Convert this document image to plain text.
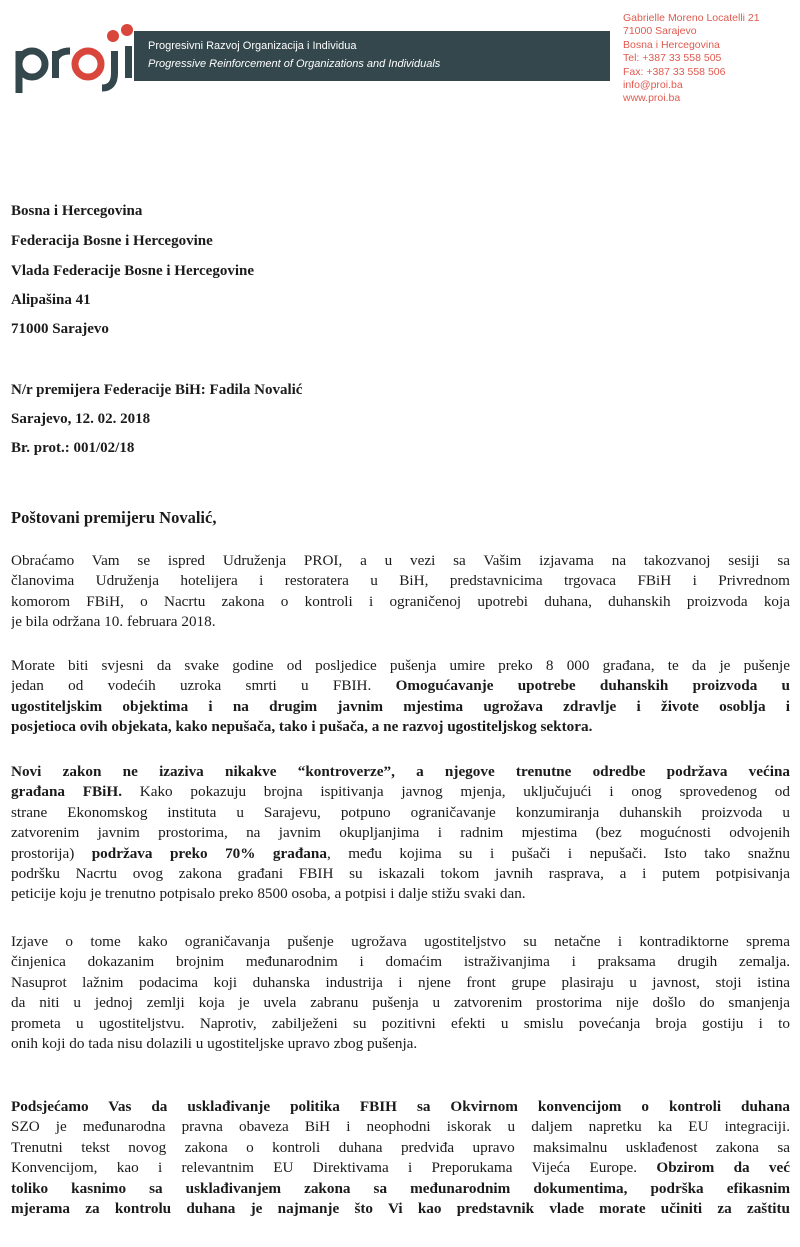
Progresivni Razvoj Organizacija i Individua
Progressive Reinforcement of Organizations and Individuals
Gabrielle Moreno Locatelli 21
71000 Sarajevo
Bosna i Hercegovina
Tel: +387 33 558 505
Fax: +387 33 558 506
info@proi.ba
www.proi.ba
Bosna i Hercegovina
Federacija Bosne i Hercegovine
Vlada Federacije Bosne i Hercegovine
Alipašina 41
71000 Sarajevo
N/r premijera Federacije BiH: Fadila Novalić
Sarajevo, 12. 02. 2018
Br. prot.: 001/02/18
Poštovani premijeru Novalić,
Obraćamo Vam se ispred Udruženja PROI, a u vezi sa Vašim izjavama na takozvanoj sesiji sa
članovima Udruženja hotelijera i restoratera u BiH, predstavnicima trgovaca FBiH i Privrednom
komorom FBiH, o Nacrtu zakona o kontroli i ograničenoj upotrebi duhana, duhanskih proizvoda koja
je bila održana 10. februara 2018.
Morate biti svjesni da svake godine od posljedice pušenja umire preko 8 000 građana, te da je pušenje
jedan od vodećih uzroka smrti u FBIH. Omogućavanje upotrebe duhanskih proizvoda u
ugostiteljskim objektima i na drugim javnim mjestima ugrožava zdravlje i živote osoblja i
posjetioca ovih objekata, kako nepušača, tako i pušača, a ne razvoj ugostiteljskog sektora.
Novi zakon ne izaziva nikakve “kontroverze”, a njegove trenutne odredbe podržava većina
građana FBiH. Kako pokazuju brojna ispitivanja javnog mjenja, uključujući i onog sprovedenog od
strane Ekonomskog instituta u Sarajevu, potpuno ograničavanje konzumiranja duhanskih proizvoda u
zatvorenim javnim prostorima, na javnim okupljanjima i radnim mjestima (bez mogućnosti odvojenih
prostorija) podržava preko 70% građana, među kojima su i pušači i nepušači. Isto tako snažnu
podršku Nacrtu ovog zakona građani FBIH su iskazali tokom javnih rasprava, a i putem potpisivanja
peticije koju je trenutno potpisalo preko 8500 osoba, a potpisi i dalje stižu svaki dan.
Izjave o tome kako ograničavanja pušenje ugrožava ugostiteljstvo su netačne i kontradiktorne sprema
činjenica dokazanim brojnim međunarodnim i domaćim istraživanjima i praksama drugih zemalja.
Nasuprot lažnim podacima koji duhanska industrija i njene front grupe plasiraju u javnost, stoji istina
da niti u jednoj zemlji koja je uvela zabranu pušenja u zatvorenim prostorima nije došlo do smanjenja
prometa u ugostiteljstvu. Naprotiv, zabilježeni su pozitivni efekti u smislu povećanja broja gostiju i to
onih koji do tada nisu dolazili u ugostiteljske upravo zbog pušenja.
Podsjećamo Vas da usklađivanje politika FBIH sa Okvirnom konvencijom o kontroli duhana
SZO je međunarodna pravna obaveza BiH i neophodni iskorak u daljem napretku ka EU integraciji.
Trenutni tekst novog zakona o kontroli duhana predviđa upravo maksimalnu usklađenost zakona sa
Konvencijom, kao i relevantnim EU Direktivama i Preporukama Vijeća Europe. Obzirom da već
toliko kasnimo sa usklađivanjem zakona sa međunarodnim dokumentima, podrška efikasnim
mjerama za kontrolu duhana je najmanje što Vi kao predstavnik vlade morate učiniti za zaštitu
